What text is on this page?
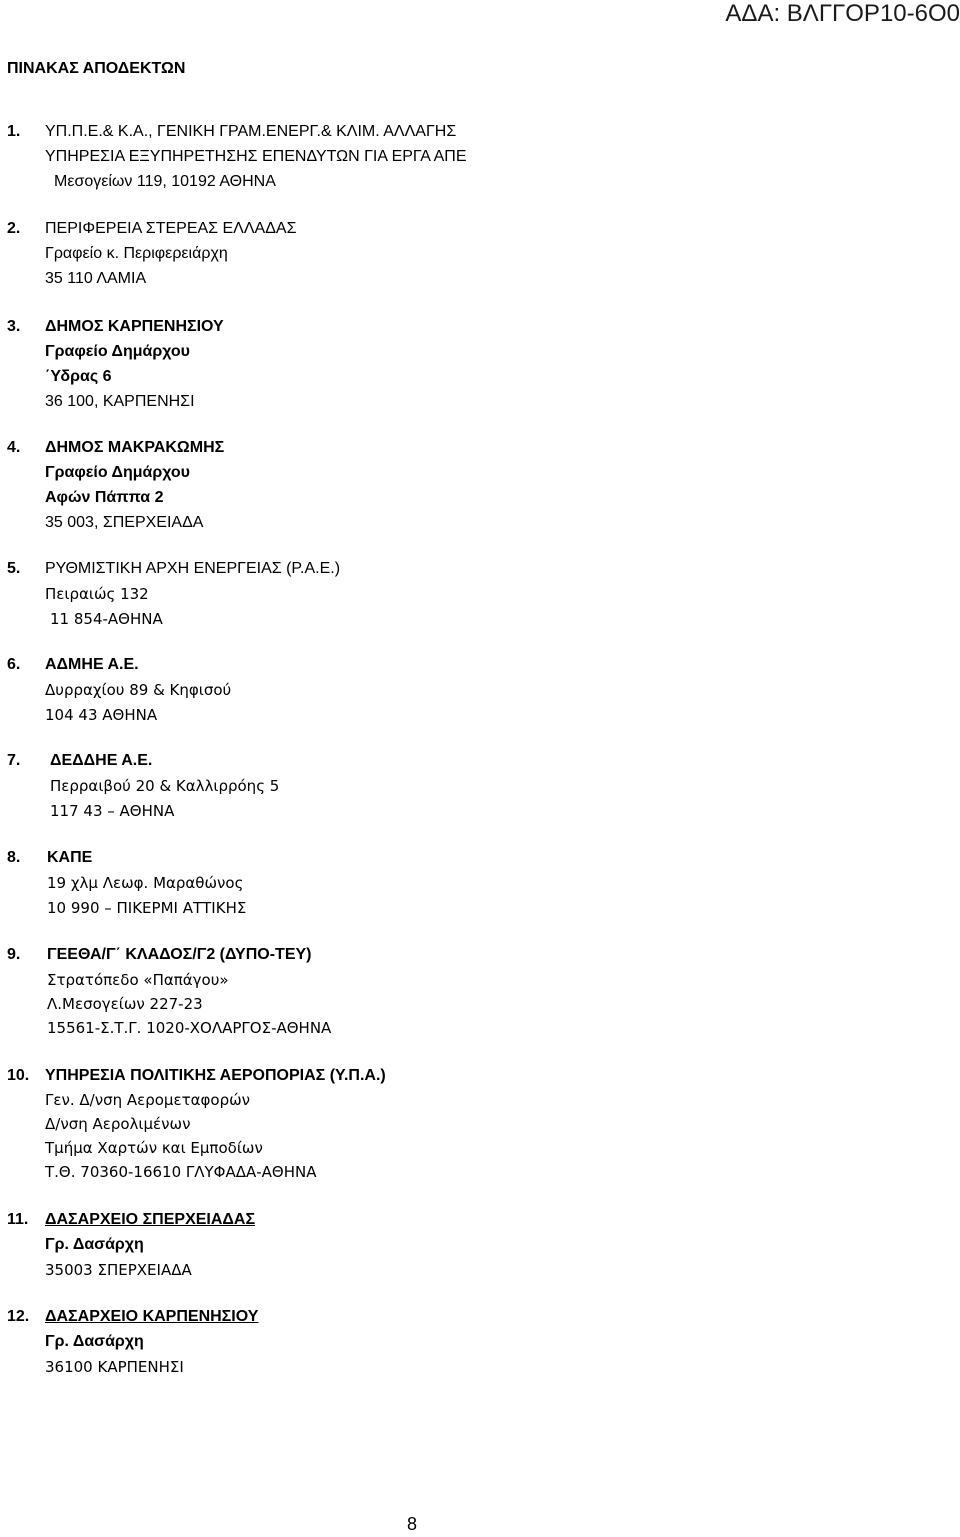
ΑΔΑ: ΒΛΓΓΟΡ10-6Ο0
ΠΙΝΑΚΑΣ ΑΠΟΔΕΚΤΩΝ
1. ΥΠ.Π.Ε.& Κ.Α., ΓΕΝΙΚΗ ΓΡΑΜ.ΕΝΕΡΓ.& ΚΛΙΜ. ΑΛΛΑΓΗΣ
ΥΠΗΡΕΣΙΑ ΕΞΥΠΗΡΕΤΗΣΗΣ ΕΠΕΝΔΥΤΩΝ ΓΙΑ ΕΡΓΑ ΑΠΕ
Μεσογείων 119, 10192 ΑΘΗΝΑ
2. ΠΕΡΙΦΕΡΕΙΑ ΣΤΕΡΕΑΣ ΕΛΛΑΔΑΣ
Γραφείο κ. Περιφερειάρχη
35 110 ΛΑΜΙΑ
3. ΔΗΜΟΣ ΚΑΡΠΕΝΗΣΙΟΥ
Γραφείο Δημάρχου
΄Υδρας 6
36 100, ΚΑΡΠΕΝΗΣΙ
4. ΔΗΜΟΣ ΜΑΚΡΑΚΩΜΗΣ
Γραφείο Δημάρχου
Αφών Πάππα 2
35 003, ΣΠΕΡΧΕΙΑΔΑ
5. ΡΥΘΜΙΣΤΙΚΗ ΑΡΧΗ ΕΝΕΡΓΕΙΑΣ (Ρ.Α.Ε.)
Πειραιώς 132
11 854-ΑΘΗΝΑ
6. ΑΔΜΗΕ Α.Ε.
Δυρραχίου 89 & Κηφισού
104 43 ΑΘΗΝΑ
7. ΔΕΔΔΗΕ Α.Ε.
Περραιβού 20 & Καλλιρρόης 5
117 43 – ΑΘΗΝΑ
8. ΚΑΠΕ
19 χλμ Λεωφ. Μαραθώνος
10 990 – ΠΙΚΕΡΜΙ ΑΤΤΙΚΗΣ
9. ΓΕΕΘΑ/Γ΄ ΚΛΑΔΟΣ/Γ2 (ΔΥΠΟ-ΤΕΥ)
Στρατόπεδο «Παπάγου»
Λ.Μεσογείων 227-23
15561-Σ.Τ.Γ. 1020-ΧΟΛΑΡΓΟΣ-ΑΘΗΝΑ
10. ΥΠΗΡΕΣΙΑ ΠΟΛΙΤΙΚΗΣ ΑΕΡΟΠΟΡΙΑΣ (Υ.Π.Α.)
Γεν. Δ/νση Αερομεταφορών
Δ/νση Αερολιμένων
Τμήμα Χαρτών και Εμποδίων
Τ.Θ. 70360-16610 ΓΛΥΦΑΔΑ-ΑΘΗΝΑ
11. ΔΑΣΑΡΧΕΙΟ ΣΠΕΡΧΕΙΑΔΑΣ
Γρ. Δασάρχη
35003 ΣΠΕΡΧΕΙΑΔΑ
12. ΔΑΣΑΡΧΕΙΟ ΚΑΡΠΕΝΗΣΙΟΥ
Γρ. Δασάρχη
36100 ΚΑΡΠΕΝΗΣΙ
8
